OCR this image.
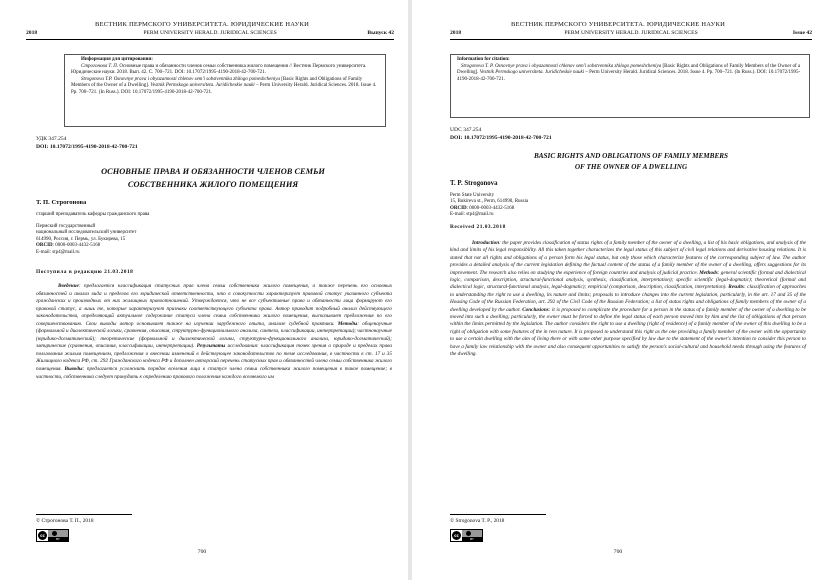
ВЕСТНИК ПЕРМСКОГО УНИВЕРСИТЕТА. ЮРИДИЧЕСКИЕ НАУКИ
2018	PERM UNIVERSITY HERALD. JURIDICAL SCIENCES	Выпуск 42
Информация для цитирования:
Строгонова Т. П. Основные права и обязанности членов семьи собственника жилого помещения // Вестник Пермского университета. Юридические науки. 2018. Вып. 42. С. 700–721. DOI: 10.17072/1995-4190-2018-42-700-721.
Strogonova T.P. Osnovnye prava i obyazannosti chlenov sem'i sobstvennika zhilogo pomeshcheniya [Basic Rights and Obligations of Family Members of the Owner of a Dwelling]. Vestnik Permskogo universiteta. Juridicheskie nauki – Perm University Herald. Juridical Sciences. 2018. Issue 4. Pp. 700–721. (In Russ.). DOI: 10.17072/1995-4190-2018-42-700-721.
УДК 347.254
DOI: 10.17072/1995-4190-2018-42-700-721
ОСНОВНЫЕ ПРАВА И ОБЯЗАННОСТИ ЧЛЕНОВ СЕМЬИ
СОБСТВЕННИКА ЖИЛОГО ПОМЕЩЕНИЯ
Т. П. Строгонова
старший преподаватель кафедры гражданского права
Пермский государственный
национальный исследовательский университет
614990, Россия, г. Пермь, ул. Букирева, 15
ORCID: 0000-0003-4432-5168
E-mail: stp4@mail.ru
Поступила в редакцию 21.03.2018
Введение: предлагается классификация статусных прав члена семьи собственника жилого помещения, а также перечень его основных обязанностей и анализ вида и пределов его юридической ответственности, что в совокупности характеризует правовой статус указанного субъекта гражданских и производных от них жилищных правоотношений. Утверждается, что не все субъективные права и обязанности лица формируют его правовой статус, а лишь те, которые характеризуют признаки соответствующего субъекта права. Автор приводит подробный анализ действующего законодательства, определяющий актуальное содержание статуса члена семьи собственника жилого помещения, высказывает предложения по его совершенствованию. Свои выводы автор основывает также на изучении зарубежного опыта, анализе судебной практики. Методы: общенаучные (формальной и диалектической логики, сравнения, описания, структурно-функционального анализа, синтеза, классификации, интерпретации); частнонаучные (юридико-догматический); теоретические (формальной и диалектической логики, структурно-функционального анализа, юридико-догматический); эмпирические (сравнения, описания, классификации, интерпретации). Результаты исследования: классификация точек зрения о природе и пределах права пользования жилым помещением, предложения о внесении изменений в действующее законодательство по теме исследования, в частности в ст. 17 и 35 Жилищного кодекса РФ, ст. 292 Гражданского кодекса РФ и дополнен авторский перечень статусных прав и обязанностей члена семьи собственника жилого помещения. Выводы: предлагается усложнить порядок вселения лица в статусе члена семьи собственника жилого помещения в такое помещение; в частности, собственника следует принудить к определению правового положения каждого вселяемого им
© Строгонова Т. П., 2018
cc
BY
700
ВЕСТНИК ПЕРМСКОГО УНИВЕРСИТЕТА. ЮРИДИЧЕСКИЕ НАУКИ
2018	PERM UNIVERSITY HERALD. JURIDICAL SCIENCES	Issue 42
Information for citation:
Strogonova T. P. Osnovnye prava i obyazannosti chlenov sem'i sobstvennika zhilogo pomeshcheniya [Basic Rights and Obligations of Family Members of the Owner of a Dwelling]. Vestnik Permskogo universiteta. Juridicheskie nauki – Perm University Herald. Juridical Sciences. 2018. Issue 4. Pp. 700–721. (In Russ.). DOI: 10.17072/1995-4190-2018-42-700-721.
UDC 347.254
DOI: 10.17072/1995-4190-2018-42-700-721
BASIC RIGHTS AND OBLIGATIONS OF FAMILY MEMBERS
OF THE OWNER OF A DWELLING
T. P. Strogonova
Perm State University
15, Bukireva st., Perm, 614990, Russia
ORCID: 0000-0003-4432-5168
E-mail: stp4@mail.ru
Received 21.03.2018
Introduction: the paper provides classification of status rights of a family member of the owner of a dwelling, a list of his basic obligations, and analysis of the kind and limits of his legal responsibility. All this taken together characterizes the legal status of this subject of civil legal relations and derivative housing relations. It is stated that not all rights and obligations of a person form his legal status, but only those which characterize features of the corresponding subject of law. The author provides a detailed analysis of the current legislation defining the factual content of the status of a family member of the owner of a dwelling, offers suggestions for its improvement. The research also relies on studying the experience of foreign countries and analysis of judicial practice. Methods: general scientific (formal and dialectical logic, comparison, description, structural-functional analysis, synthesis, classification, interpretation); specific scientific (legal-dogmatic); theoretical (formal and dialectical logic, structural-functional analysis, legal-dogmatic); empirical (comparison, description, classification, interpretation). Results: classification of approaches to understanding the right to use a dwelling, its nature and limits; proposals to introduce changes into the current legislation, particularly, in the art. 17 and 35 of the Housing Code of the Russian Federation, art. 292 of the Civil Code of the Russian Federation; a list of status rights and obligations of family members of the owner of a dwelling developed by the author. Conclusions: it is proposed to complicate the procedure for a person in the status of a family member of the owner of a dwelling to be moved into such a dwelling; particularly, the owner must be forced to define the legal status of each person moved into by him and the list of obligations of that person within the limits permitted by the legislation. The author considers the right to use a dwelling (right of residence) of a family member of the owner of this dwelling to be a right of obligation with some features of the in rem nature. It is proposed to understand this right as the one providing a family member of the owner with the opportunity to use a certain dwelling with the aim of living there or with some other purpose specified by law due to the statement of the owner's intention to consider this person to have a family law relationship with the owner and also consequent opportunities to satisfy the person's social-cultural and household needs through using the features of the dwelling.
© Strogonova T. P., 2018
cc
BY
700
